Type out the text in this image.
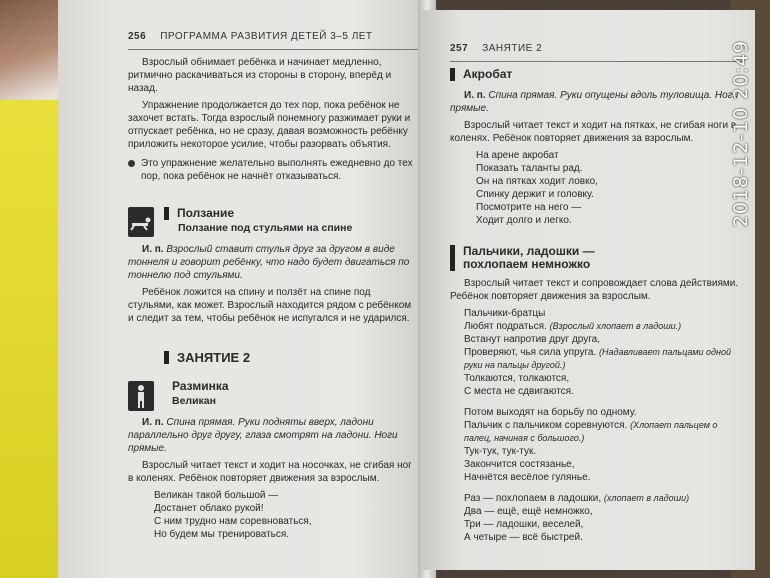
256 ПРОГРАММА РАЗВИТИЯ ДЕТЕЙ 3–5 ЛЕТ

Взрослый обнимает ребёнка и начинает медленно, ритмично раскачиваться из стороны в сторону, вперёд и назад.

Упражнение продолжается до тех пор, пока ребёнок не захочет встать. Тогда взрослый понемногу разжимает руки и отпускает ребёнка, но не сразу, давая возможность ребёнку приложить некоторое усилие, чтобы разорвать объятия.

Это упражнение желательно выполнять ежедневно до тех пор, пока ребёнок не начнёт отказываться.
Ползание
Ползание под стульями на спине

И. п. Взрослый ставит стулья друг за другом в виде тоннеля и говорит ребёнку, что надо будет двигаться по тоннелю под стульями.

Ребёнок ложится на спину и ползёт на спине под стульями, как может. Взрослый находится рядом с ребёнком и следит за тем, чтобы ребёнок не испугался и не ударился.

ЗАНЯТИЕ 2
Разминка
Великан

И. п. Спина прямая. Руки подняты вверх, ладони параллельно друг другу, глаза смотрят на ладони. Ноги прямые.

Взрослый читает текст и ходит на носочках, не сгибая ног в коленях. Ребёнок повторяет движения за взрослым.

Великан такой большой —
Достанет облако рукой!
С ним трудно нам соревноваться,
Но будем мы тренироваться.
257 ЗАНЯТИЕ 2
Акробат

И. п. Спина прямая. Руки опущены вдоль туловища. Ноги прямые.

Взрослый читает текст и ходит на пятках, не сгибая ноги в коленях. Ребёнок повторяет движения за взрослым.

На арене акробат
Показать таланты рад.
Он на пятках ходит ловко,
Спинку держит и головку.
Посмотрите на него —
Ходит долго и легко.
Пальчики, ладошки —
похлопаем немножко

Взрослый читает текст и сопровождает слова действиями. Ребёнок повторяет движения за взрослым.

Пальчики-братцы
Любят подраться. (Взрослый хлопает в ладоши.)
Встанут напротив друг друга,
Проверяют, чья сила упруга. (Надавливает пальцами одной руки на пальцы другой.)
Толкаются, толкаются,
С места не сдвигаются.
Потом выходят на борьбу по одному.
Пальчик с пальчиком соревнуются. (Хлопает пальцем о палец, начиная с большого.)
Тук-тук, тук-тук.
Закончится состязанье,
Начнётся весёлое гулянье.
Раз — похлопаем в ладошки, (хлопает в ладоши)
Два — ещё, ещё немножко,
Три — ладошки, веселей,
А четыре — всё быстрей.
2018-12-10 20:49
